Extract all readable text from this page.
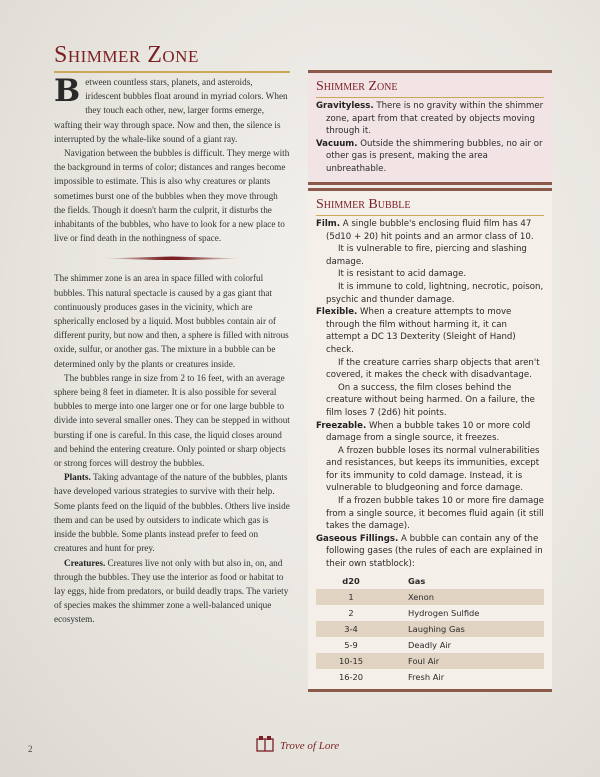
Shimmer Zone

Between countless stars, planets, and asteroids, iridescent bubbles float around in myriad colors. When they touch each other, new, larger forms emerge, wafting their way through space. Now and then, the silence is interrupted by the whale-like sound of a giant ray.

Navigation between the bubbles is difficult. They merge with the background in terms of color; distances and ranges become impossible to estimate. This is also why creatures or plants sometimes burst one of the bubbles when they move through the fields. Though it doesn't harm the culprit, it disturbs the inhabitants of the bubbles, who have to look for a new place to live or find death in the nothingness of space.

The shimmer zone is an area in space filled with colorful bubbles. This natural spectacle is caused by a gas giant that continuously produces gases in the vicinity, which are spherically enclosed by a liquid. Most bubbles contain air of different purity, but now and then, a sphere is filled with nitrous oxide, sulfur, or another gas. The mixture in a bubble can be determined only by the plants or creatures inside.

The bubbles range in size from 2 to 16 feet, with an average sphere being 8 feet in diameter. It is also possible for several bubbles to merge into one larger one or for one large bubble to divide into several smaller ones. They can be stepped in without bursting if one is careful. In this case, the liquid closes around and behind the entering creature. Only pointed or sharp objects or strong forces will destroy the bubbles.

Plants. Taking advantage of the nature of the bubbles, plants have developed various strategies to survive with their help. Some plants feed on the liquid of the bubbles. Others live inside them and can be used by outsiders to indicate which gas is inside the bubble. Some plants instead prefer to feed on creatures and hunt for prey.

Creatures. Creatures live not only with but also in, on, and through the bubbles. They use the interior as food or habitat to lay eggs, hide from predators, or build deadly traps. The variety of species makes the shimmer zone a well-balanced unique ecosystem.

Shimmer Zone

Gravityless. There is no gravity within the shimmer zone, apart from that created by objects moving through it.

Vacuum. Outside the shimmering bubbles, no air or other gas is present, making the area unbreathable.

Shimmer Bubble

Film. A single bubble's enclosing fluid film has 47 (5d10 + 20) hit points and an armor class of 10.

It is vulnerable to fire, piercing and slashing damage.

It is resistant to acid damage.

It is immune to cold, lightning, necrotic, poison, psychic and thunder damage.

Flexible. When a creature attempts to move through the film without harming it, it can attempt a DC 13 Dexterity (Sleight of Hand) check.

If the creature carries sharp objects that aren't covered, it makes the check with disadvantage.

On a success, the film closes behind the creature without being harmed. On a failure, the film loses 7 (2d6) hit points.

Freezable. When a bubble takes 10 or more cold damage from a single source, it freezes.

A frozen bubble loses its normal vulnerabilities and resistances, but keeps its immunities, except for its immunity to cold damage. Instead, it is vulnerable to bludgeoning and force damage.

If a frozen bubble takes 10 or more fire damage from a single source, it becomes fluid again (it still takes the damage).

Gaseous Fillings. A bubble can contain any of the following gases (the rules of each are explained in their own statblock):

d20	Gas
1	Xenon
2	Hydrogen Sulfide
3-4	Laughing Gas
5-9	Deadly Air
10-15	Foul Air
16-20	Fresh Air
2	Trove of Lore
